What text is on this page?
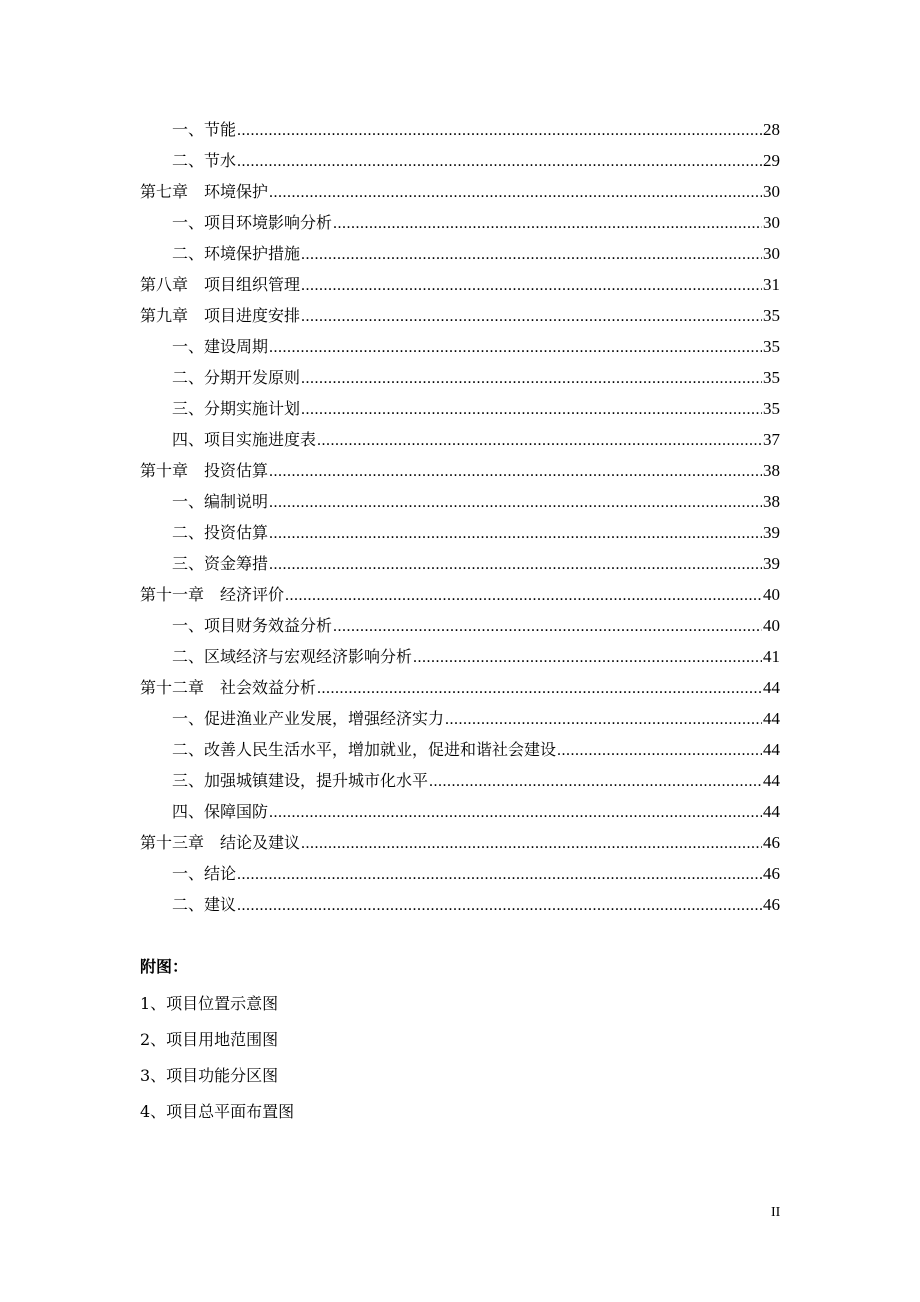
一、节能 .....	28
二、节水 .....	29
第七章　环境保护 .....	30
一、项目环境影响分析 .....	30
二、环境保护措施 .....	30
第八章　项目组织管理 .....	31
第九章　项目进度安排 .....	35
一、建设周期 .....	35
二、分期开发原则 .....	35
三、分期实施计划 .....	35
四、项目实施进度表 .....	37
第十章　投资估算 .....	38
一、编制说明 .....	38
二、投资估算 .....	39
三、资金筹措 .....	39
第十一章　经济评价 .....	40
一、项目财务效益分析 .....	40
二、区域经济与宏观经济影响分析 .....	41
第十二章　社会效益分析 .....	44
一、促进渔业产业发展，增强经济实力 .....	44
二、改善人民生活水平，增加就业，促进和谐社会建设 .....	44
三、加强城镇建设，提升城市化水平 .....	44
四、保障国防 .....	44
第十三章　结论及建议 .....	46
一、结论 .....	46
二、建议 .....	46
附图：
1、项目位置示意图
2、项目用地范围图
3、项目功能分区图
4、项目总平面布置图
II
